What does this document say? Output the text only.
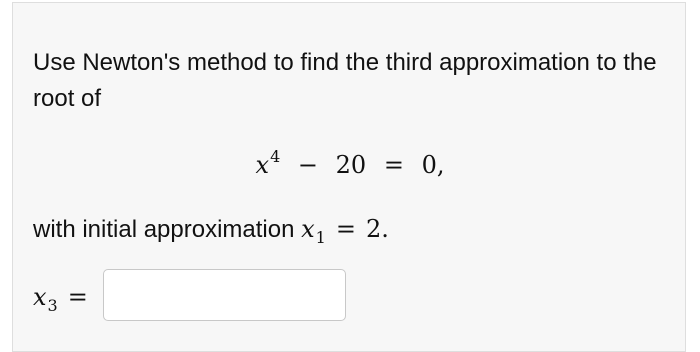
Use Newton's method to find the third approximation to the root of
$x^4 - 20 = 0$,
with initial approximation $x_1 = 2$.
$x_3$ =
